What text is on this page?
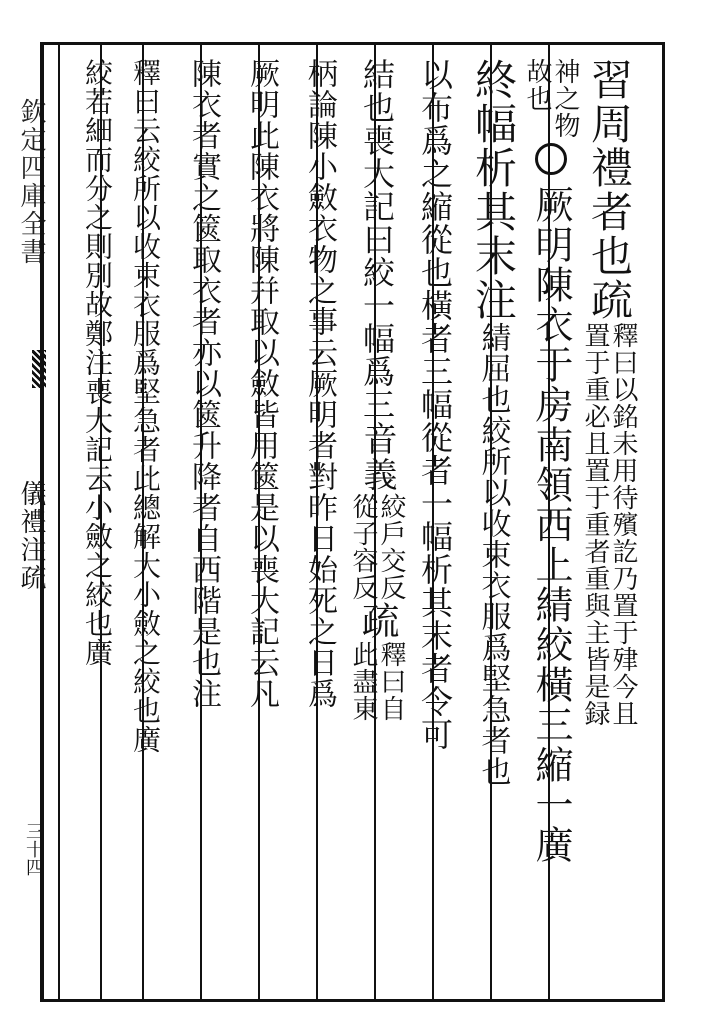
欽定四庫全書
儀禮注疏
三十四
習周禮者也疏
釋曰以銘未用待殯訖乃置于肂今且
置于重必且置于重者重與主皆是録
神之物
故也
厥明陳衣于房南領西上綪絞橫三縮一廣
終幅析其末注
綪屈也絞所以收束衣服爲堅急者也
以布爲之縮從也橫者三幅從者一幅析其末者令可
結也喪大記曰絞一幅爲三
音義
絞戶交反
從子容反
疏
釋曰自
此盡東
柄論陳小斂衣物之事云厥明者對昨日始死之日爲
厥明此陳衣將陳幷取以斂皆用篋是以喪大記云凡
陳衣者實之篋取衣者亦以篋升降者自西階是也注
釋曰云絞所以收束衣服爲堅急者此總解大小斂之絞也廣
絞若細而分之則別故鄭注喪大記云小斂之絞也廣
